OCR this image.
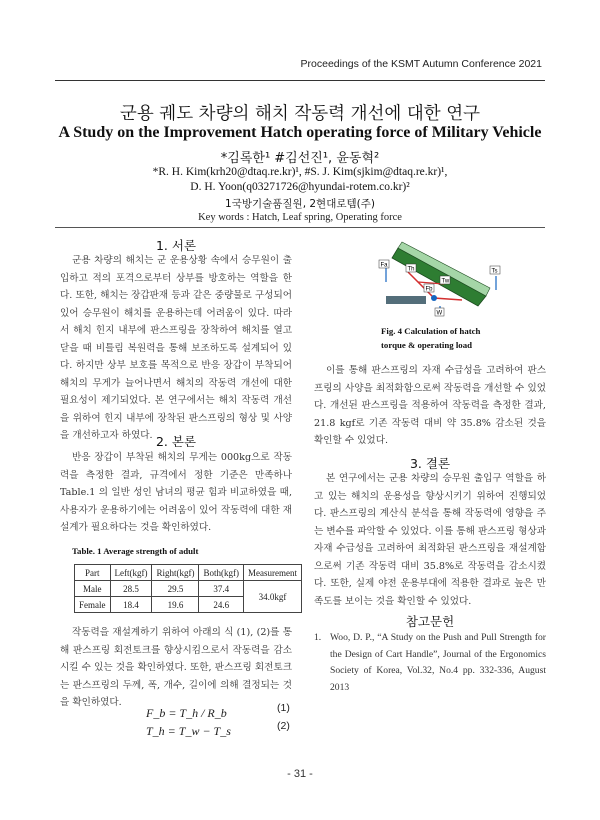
Proceedings of the KSMT Autumn Conference 2021
군용 궤도 차량의 해치 작동력 개선에 대한 연구
A Study on the Improvement Hatch operating force of Military Vehicle
*김록한¹ #김선진¹, 윤동혁²
*R. H. Kim(krh20@dtaq.re.kr)¹, #S. J. Kim(sjkim@dtaq.re.kr)¹,
D. H. Yoon(q03271726@hyundai-rotem.co.kr)²
1국방기술품질원, 2현대로템(주)
Key words : Hatch, Leaf spring, Operating force
1. 서론

군용 차량의 해치는 군 운용상황 속에서 승무원이 출입하고 적의 포격으로부터 상부를 방호하는 역할을 한다. 또한, 해치는 장갑판재 등과 같은 중량물로 구성되어 있어 승무원이 해치를 운용하는데 어려움이 있다. 따라서 해치 힌지 내부에 판스프링을 장착하여 해치를 열고 닫을 때 비틀림 복원력을 통해 보조하도록 설계되어 있다. 하지만 상부 보호를 목적으로 반응 장갑이 부착되어 해치의 무게가 늘어나면서 해치의 작동력 개선에 대한 필요성이 제기되었다. 본 연구에서는 해치 작동력 개선을 위하여 힌지 내부에 장착된 판스프링의 형상 및 사양을 개선하고자 하였다. 2. 본론

반응 장갑이 부착된 해치의 무게는 000kg으로 작동력을 측정한 결과, 규격에서 정한 기준은 만족하나 Table.1 의 일반 성인 남녀의 평균 힘과 비교하였을 때, 사용자가 운용하기에는 어려움이 있어 작동력에 대한 재설계가 필요하다는 것을 확인하였다.

Table. 1 Average strength of adult
Part	Left(kgf)	Right(kgf)	Both(kgf)	Measurement
Male	28.5	29.5	37.4	34.0kgf
Female	18.4	19.6	24.6	

작동력을 재설계하기 위하여 아래의 식 (1), (2)를 통해 판스프링 회전토크를 향상시킴으로서 작동력을 감소시킬 수 있는 것을 확인하였다. 또한, 판스프링 회전토크는 판스프링의 두께, 폭, 개수, 길이에 의해 결정되는 것을 확인하였다.

F_b = T_h / R_b	(1)
T_h = T_w − T_s	(2)
Fa
Th
Tw
Fb
Ts
W
Fig. 4 Calculation of hatch
torque & operating load

이를 통해 판스프링의 자재 수급성을 고려하여 판스프링의 사양을 최적화함으로써 작동력을 개선할 수 있었다. 개선된 판스프링을 적용하여 작동력을 측정한 결과, 21.8 kgf로 기존 작동력 대비 약 35.8% 감소된 것을 확인할 수 있었다.

3. 결론

본 연구에서는 군용 차량의 승무원 출입구 역할을 하고 있는 해치의 운용성을 향상시키기 위하여 진행되었다. 판스프링의 계산식 분석을 통해 작동력에 영향을 주는 변수를 파악할 수 있었다. 이를 통해 판스프링 형상과 자재 수급성을 고려하여 최적화된 판스프링을 재설계함으로써 기존 작동력 대비 35.8%로 작동력을 감소시켰다. 또한, 실제 야전 운용부대에 적용한 결과로 높은 만족도를 보이는 것을 확인할 수 있었다.

참고문헌
1. Woo, D. P., “A Study on the Push and Pull Strength for the Design of Cart Handle”, Journal of the Ergonomics Society of Korea, Vol.32, No.4 pp. 332-336, August 2013
- 31 -
